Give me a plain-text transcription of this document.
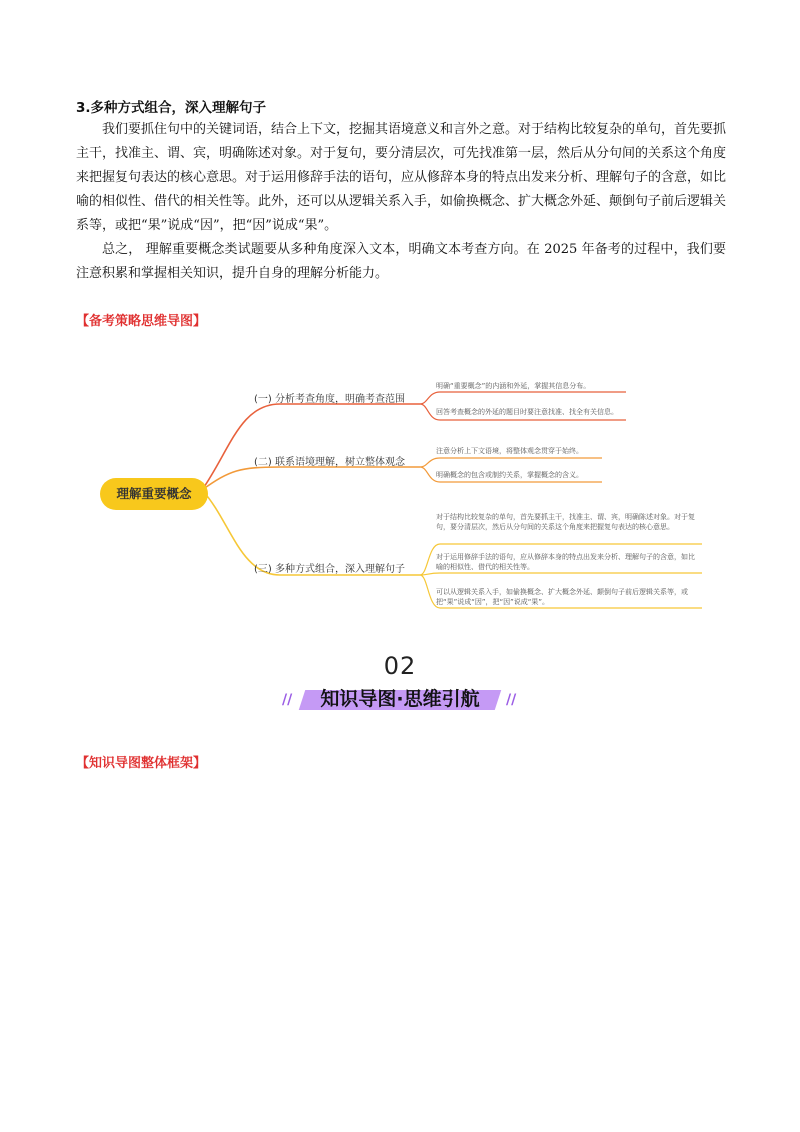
3.多种方式组合，深入理解句子

我们要抓住句中的关键词语，结合上下文，挖掘其语境意义和言外之意。对于结构比较复杂的单句，首先要抓主干，找准主、谓、宾，明确陈述对象。对于复句，要分清层次，可先找准第一层，然后从分句间的关系这个角度来把握复句表达的核心意思。对于运用修辞手法的语句，应从修辞本身的特点出发来分析、理解句子的含意，如比喻的相似性、借代的相关性等。此外，还可以从逻辑关系入手，如偷换概念、扩大概念外延、颠倒句子前后逻辑关系等，或把“果”说成“因”，把“因”说成“果”。

总之， 理解重要概念类试题要从多种角度深入文本，明确文本考查方向。在 2025 年备考的过程中，我们要注意积累和掌握相关知识，提升自身的理解分析能力。

【备考策略思维导图】
理解重要概念
(一) 分析考查角度，明确考查范围
明确“重要概念”的内涵和外延，掌握其信息分布。
回答考查概念的外延的题目时要注意找准、找全有关信息。
(二) 联系语境理解，树立整体观念
注意分析上下文语境，将整体观念贯穿于始终。
明确概念的包含或制约关系，掌握概念的含义。
(三) 多种方式组合，深入理解句子
对于结构比较复杂的单句，首先要抓主干，找准主、谓、宾，明确陈述对象。对于复句，要分清层次，然后从分句间的关系这个角度来把握复句表达的核心意思。
对于运用修辞手法的语句，应从修辞本身的特点出发来分析、理解句子的含意，如比喻的相似性、借代的相关性等。
可以从逻辑关系入手，如偷换概念、扩大概念外延、颠倒句子前后逻辑关系等，或把“果”说成“因”，把“因”说成“果”。
02
//	知识导图·思维引航	//
【知识导图整体框架】
